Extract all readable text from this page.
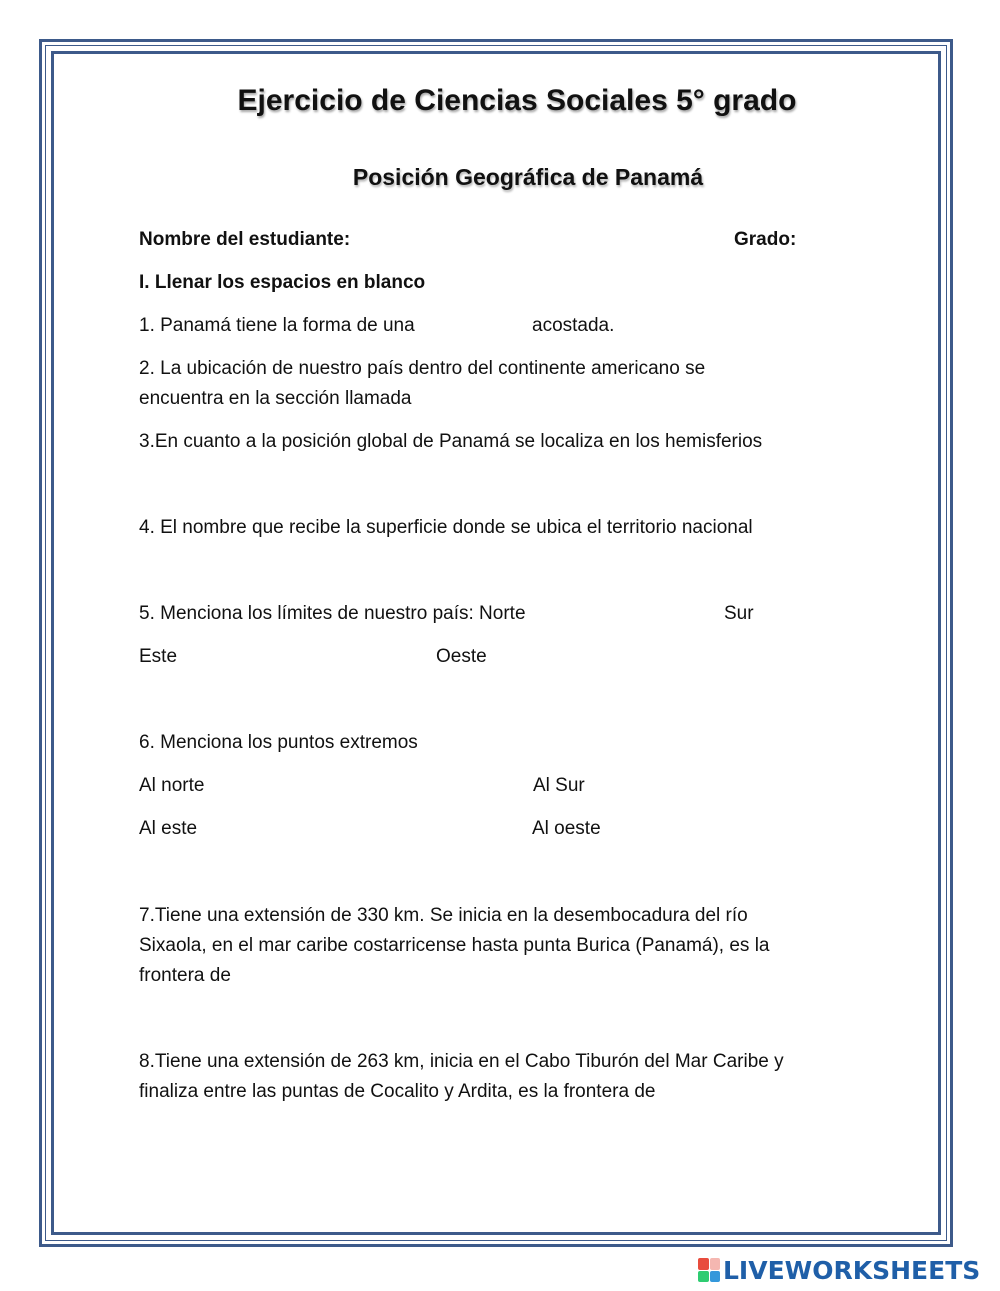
Ejercicio de Ciencias Sociales 5° grado
Posición Geográfica de Panamá
Nombre del estudiante:	Grado:
I. Llenar los espacios en blanco
1. Panamá tiene la forma de una	acostada.
2. La ubicación de nuestro país dentro del continente americano se
encuentra en la sección llamada
3.En cuanto a la posición global de Panamá se localiza en los hemisferios
4. El nombre que recibe la superficie donde se ubica el territorio nacional
5. Menciona los límites de nuestro país: Norte	Sur
Este	Oeste
6. Menciona los puntos extremos
Al norte	Al Sur
Al este	Al oeste
7.Tiene una extensión de 330 km. Se inicia en la desembocadura del río
Sixaola, en el mar caribe costarricense hasta punta Burica (Panamá), es la
frontera de
8.Tiene una extensión de 263 km, inicia en el Cabo Tiburón del Mar Caribe y
finaliza entre las puntas de Cocalito y Ardita, es la frontera de
LIVEWORKSHEETS
